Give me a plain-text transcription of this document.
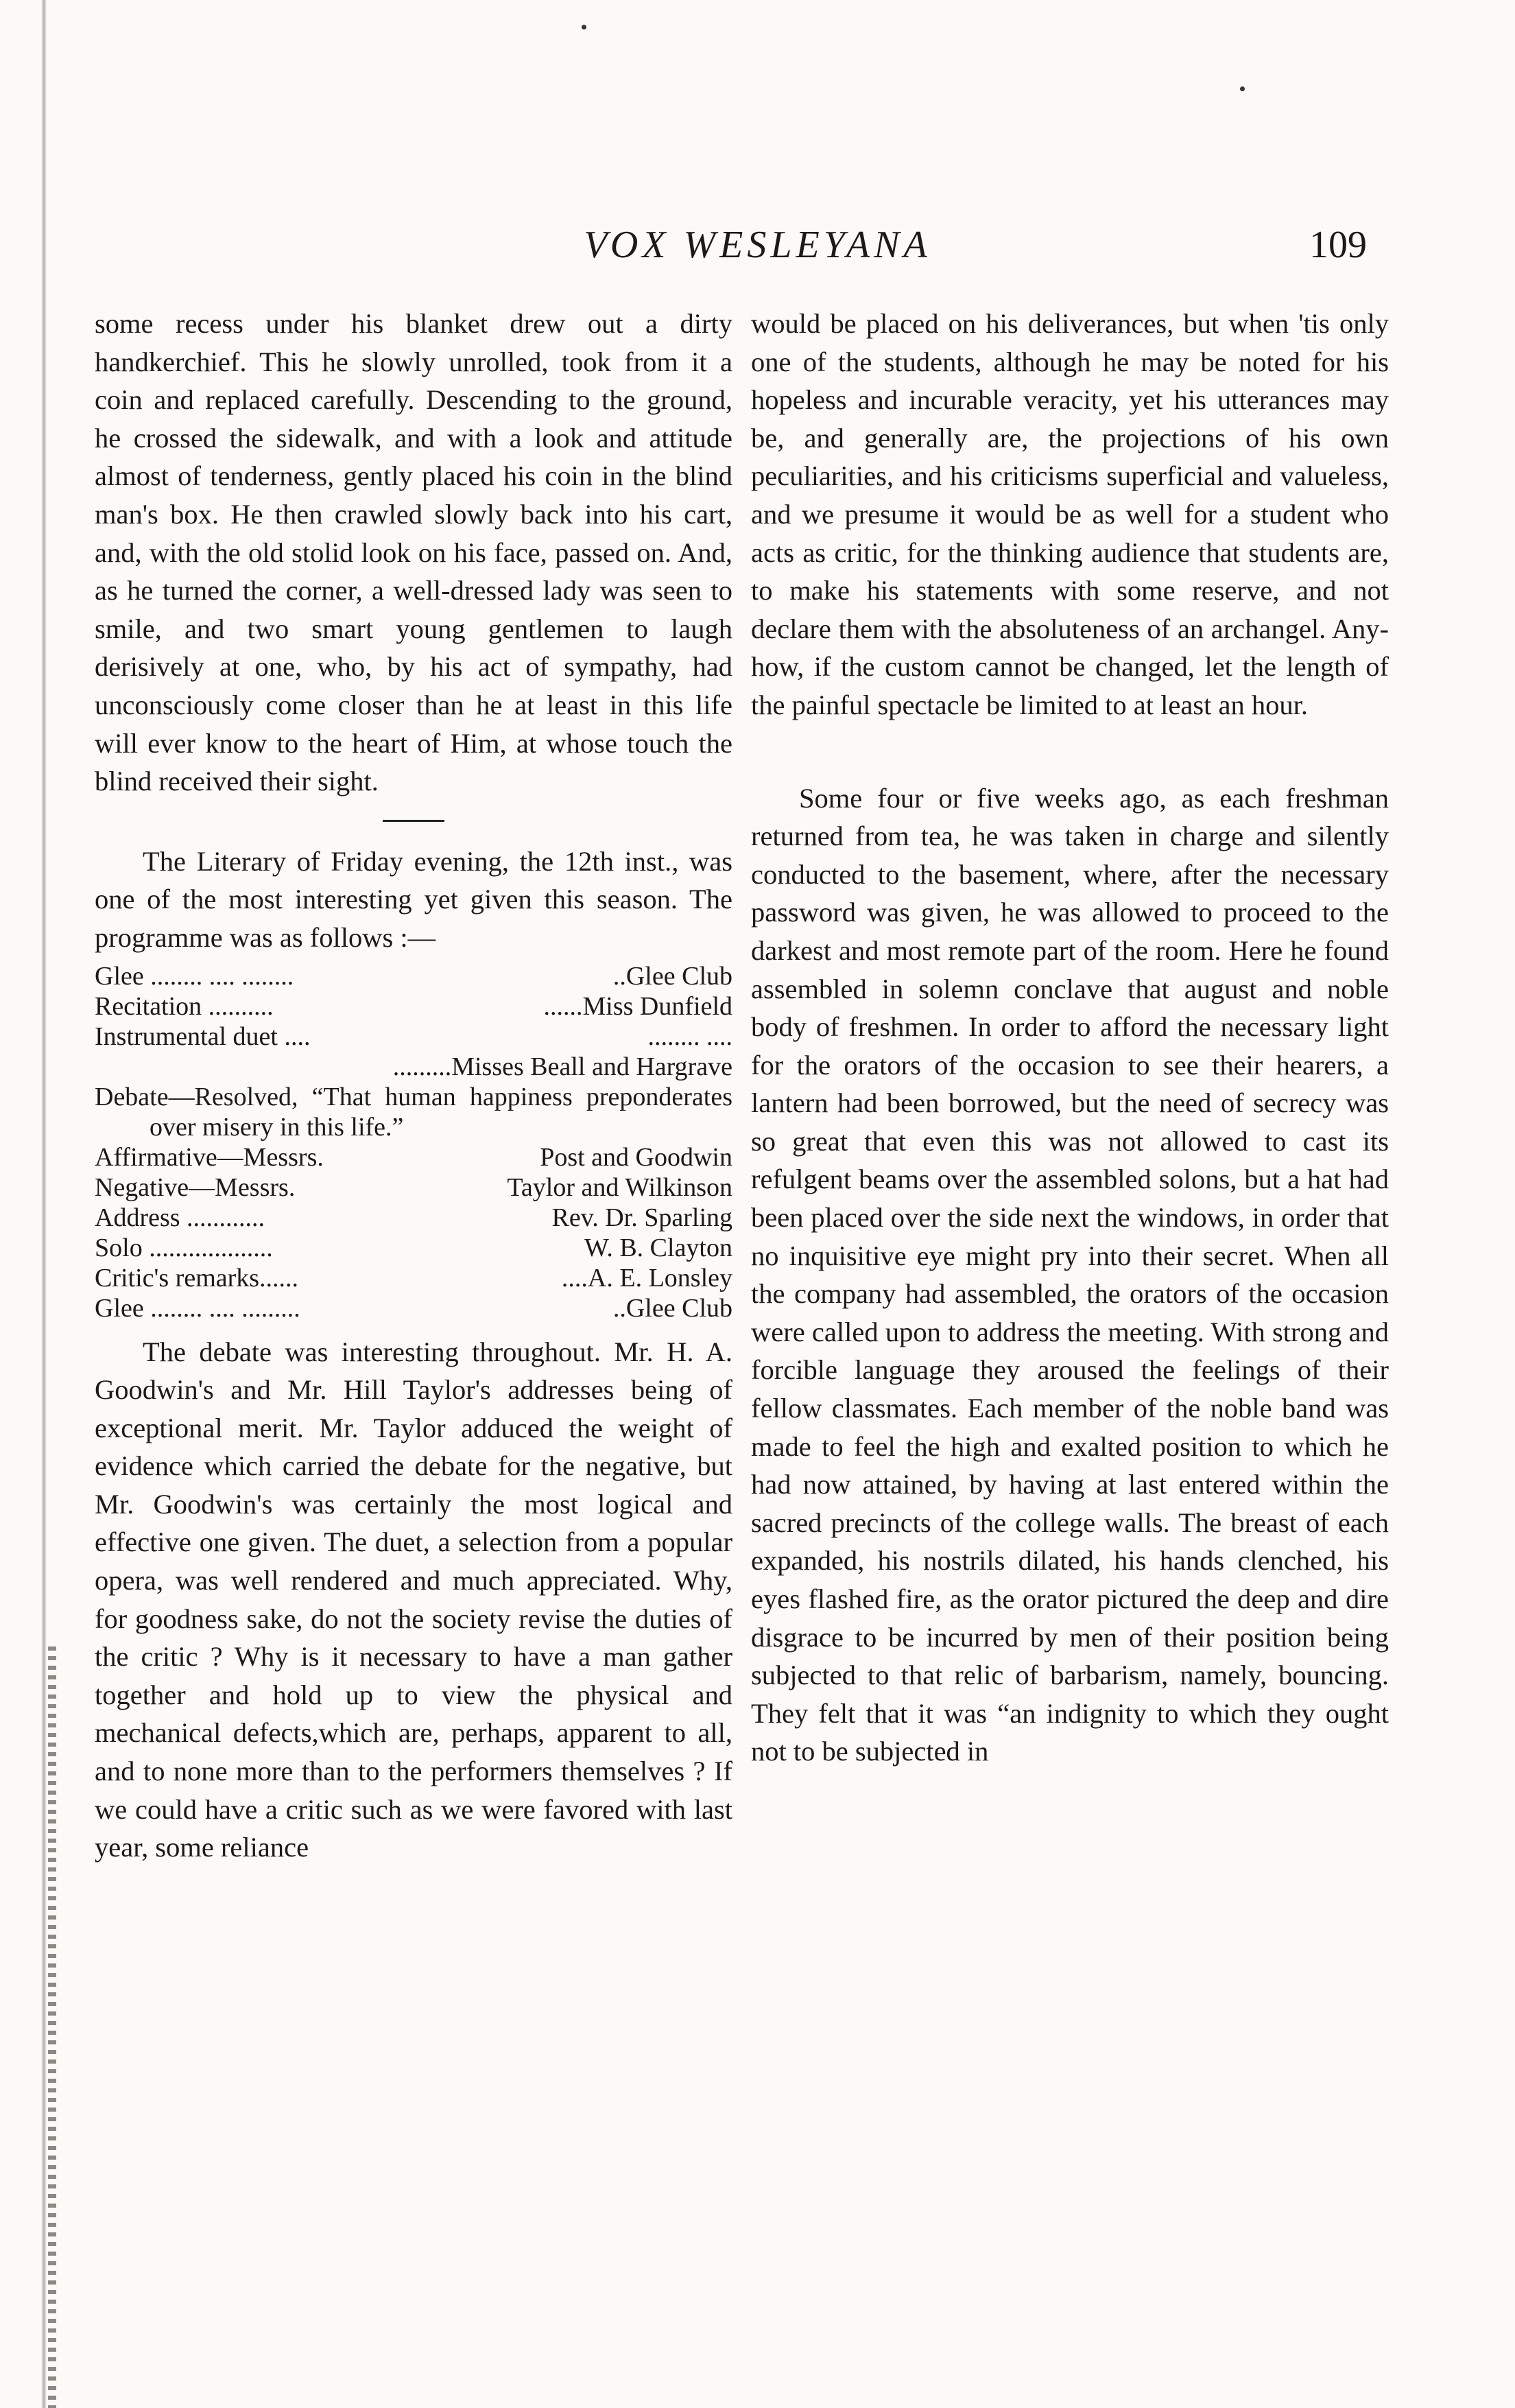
VOX WESLEYANA	109

some recess under his blanket drew out a dirty handkerchief. This he slowly unrolled, took from it a coin and replaced carefully. Descending to the ground, he crossed the sidewalk, and with a look and attitude almost of tenderness, gently placed his coin in the blind man's box. He then crawled slowly back into his cart, and, with the old stolid look on his face, passed on. And, as he turned the corner, a well-dressed lady was seen to smile, and two smart young gentlemen to laugh derisively at one, who, by his act of sympathy, had unconsciously come closer than he at least in this life will ever know to the heart of Him, at whose touch the blind received their sight.

The Literary of Friday evening, the 12th inst., was one of the most interesting yet given this season. The programme was as follows :—

Glee ........ .... ........	..Glee Club
Recitation ..........	......Miss Dunfield
Instrumental duet ....	........ ....
.........Misses Beall and Hargrave
Debate—Resolved, “That human happiness preponderates over misery in this life.”
Affirmative—Messrs.	Post and Goodwin
Negative—Messrs.	Taylor and Wilkinson
Address ............	Rev. Dr. Sparling
Solo ...................	W. B. Clayton
Critic's remarks......	....A. E. Lonsley
Glee ........ .... .........	..Glee Club

The debate was interesting throughout. Mr. H. A. Goodwin's and Mr. Hill Taylor's addresses being of exceptional merit. Mr. Taylor adduced the weight of evidence which carried the debate for the negative, but Mr. Goodwin's was certainly the most logical and effective one given. The duet, a selection from a popular opera, was well rendered and much appreciated. Why, for goodness sake, do not the society revise the duties of the critic ? Why is it necessary to have a man gather together and hold up to view the physical and mechanical defects,which are, perhaps, apparent to all, and to none more than to the performers themselves ? If we could have a critic such as we were favored with last year, some reliance

would be placed on his deliverances, but when 'tis only one of the students, although he may be noted for his hopeless and incurable veracity, yet his utterances may be, and generally are, the projections of his own peculiarities, and his criticisms superficial and valueless, and we presume it would be as well for a student who acts as critic, for the thinking audience that students are, to make his statements with some reserve, and not declare them with the absoluteness of an archangel. Anyhow, if the custom cannot be changed, let the length of the painful spectacle be limited to at least an hour.

Some four or five weeks ago, as each freshman returned from tea, he was taken in charge and silently conducted to the basement, where, after the necessary password was given, he was allowed to proceed to the darkest and most remote part of the room. Here he found assembled in solemn conclave that august and noble body of freshmen. In order to afford the necessary light for the orators of the occasion to see their hearers, a lantern had been borrowed, but the need of secrecy was so great that even this was not allowed to cast its refulgent beams over the assembled solons, but a hat had been placed over the side next the windows, in order that no inquisitive eye might pry into their secret. When all the company had assembled, the orators of the occasion were called upon to address the meeting. With strong and forcible language they aroused the feelings of their fellow classmates. Each member of the noble band was made to feel the high and exalted position to which he had now attained, by having at last entered within the sacred precincts of the college walls. The breast of each expanded, his nostrils dilated, his hands clenched, his eyes flashed fire, as the orator pictured the deep and dire disgrace to be incurred by men of their position being subjected to that relic of barbarism, namely, bouncing. They felt that it was “an indignity to which they ought not to be subjected in
